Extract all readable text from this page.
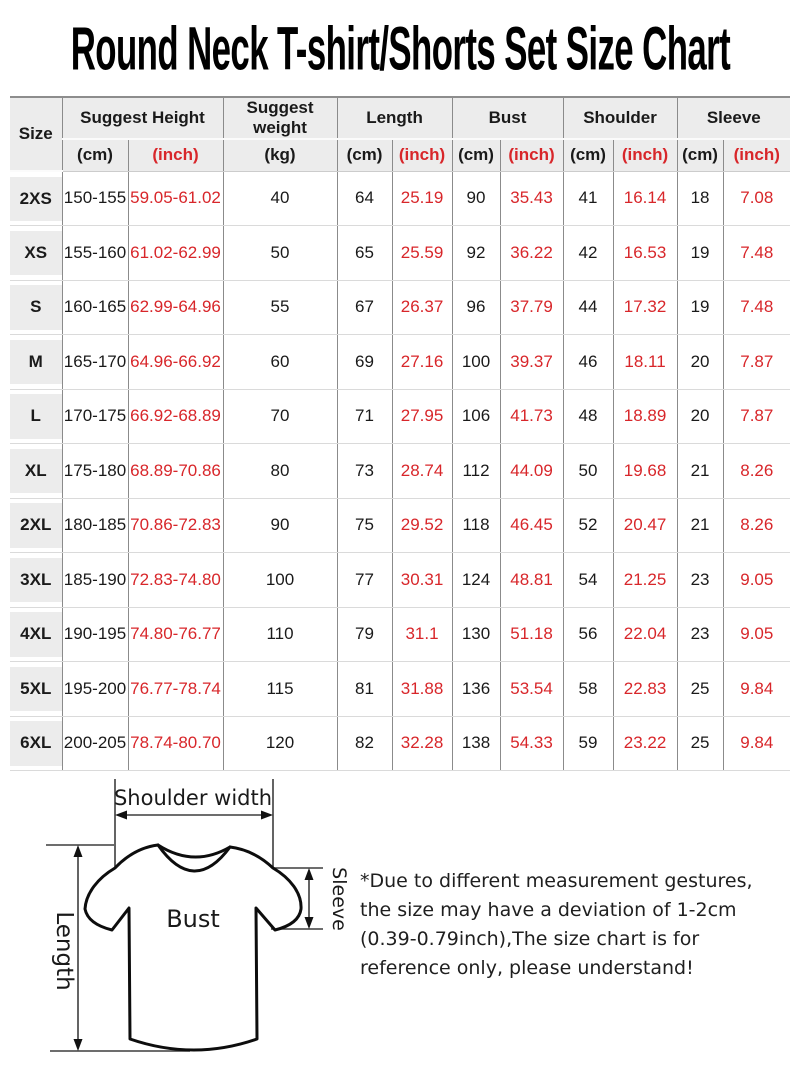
Round Neck T-shirt/Shorts Set Size Chart
Size	Suggest Height		Suggest weight	Length		Bust		Shoulder		Sleeve	
	(cm)	(inch)	(kg)	(cm)	(inch)	(cm)	(inch)	(cm)	(inch)	(cm)	(inch)
2XS	150-155	59.05-61.02	40	64	25.19	90	35.43	41	16.14	18	7.08
XS	155-160	61.02-62.99	50	65	25.59	92	36.22	42	16.53	19	7.48
S	160-165	62.99-64.96	55	67	26.37	96	37.79	44	17.32	19	7.48
M	165-170	64.96-66.92	60	69	27.16	100	39.37	46	18.11	20	7.87
L	170-175	66.92-68.89	70	71	27.95	106	41.73	48	18.89	20	7.87
XL	175-180	68.89-70.86	80	73	28.74	112	44.09	50	19.68	21	8.26
2XL	180-185	70.86-72.83	90	75	29.52	118	46.45	52	20.47	21	8.26
3XL	185-190	72.83-74.80	100	77	30.31	124	48.81	54	21.25	23	9.05
4XL	190-195	74.80-76.77	110	79	31.1	130	51.18	56	22.04	23	9.05
5XL	195-200	76.77-78.74	115	81	31.88	136	53.54	58	22.83	25	9.84
6XL	200-205	78.74-80.70	120	82	32.28	138	54.33	59	23.22	25	9.84
Shoulder width
Bust
Length
Sleeve *Due to different measurement gestures,
the size may have a deviation of 1-2cm
(0.39-0.79inch),The size chart is for
reference only, please understand!
